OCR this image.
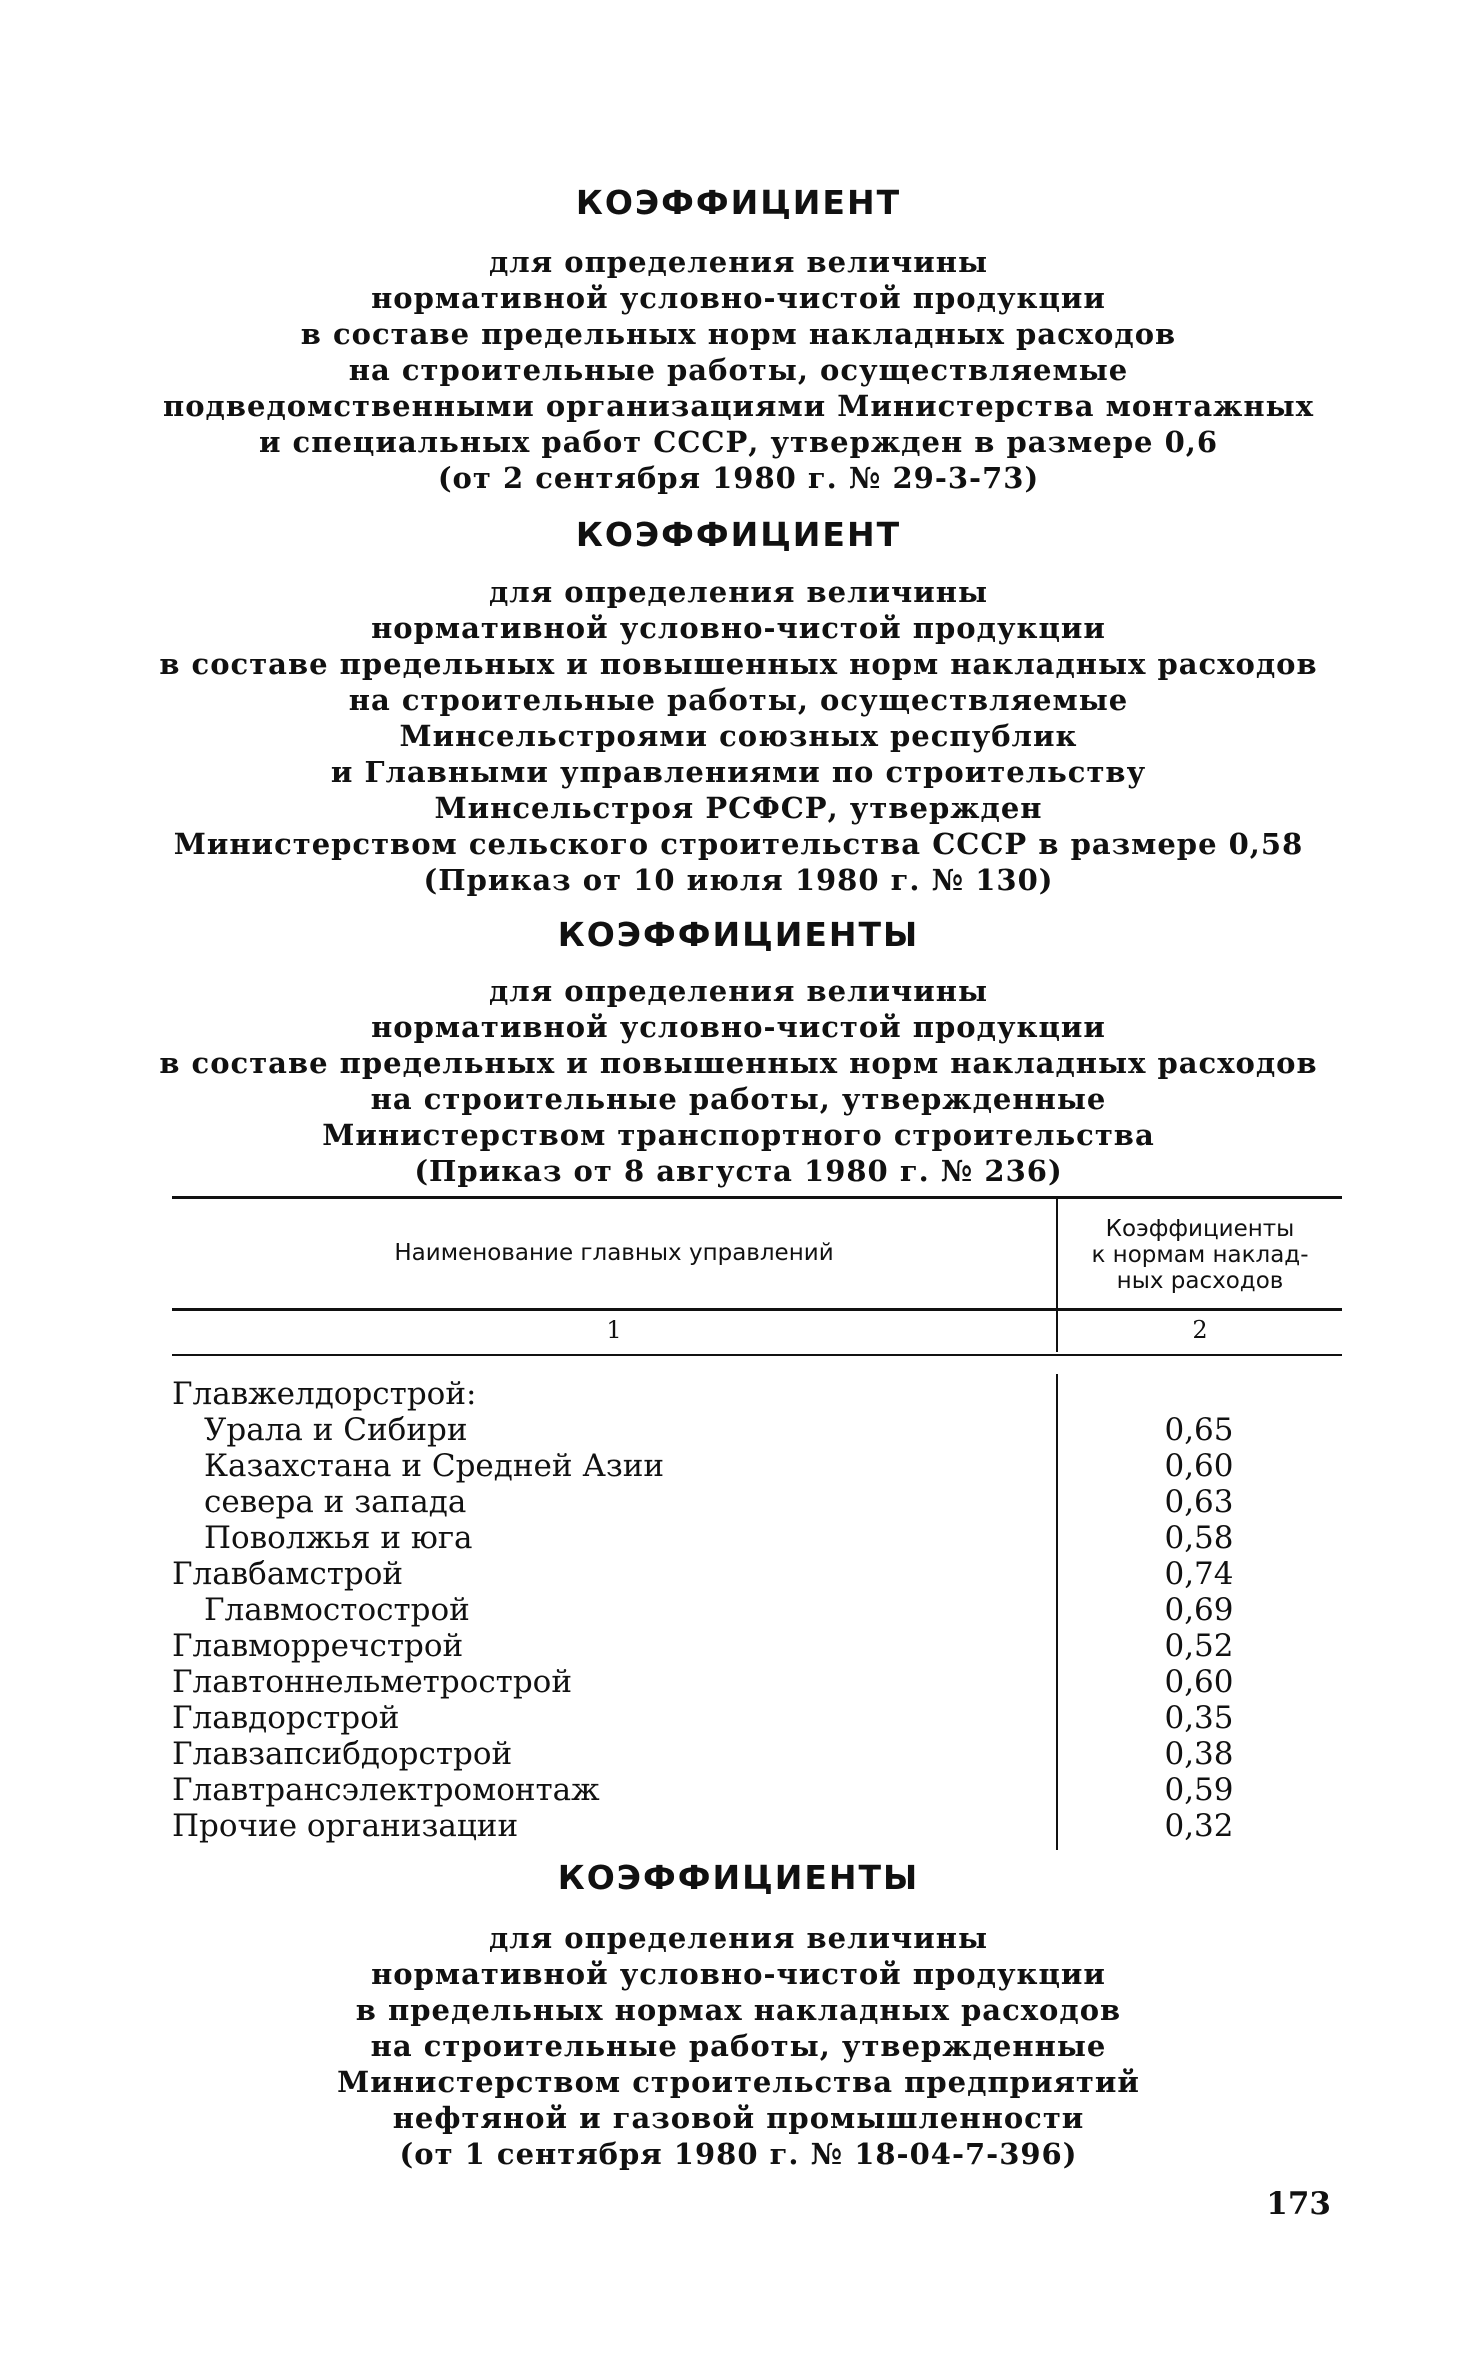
КОЭФФИЦИЕНТ
для определения величины
нормативной условно-чистой продукции
в составе предельных норм накладных расходов
на строительные работы, осуществляемые
подведомственными организациями Министерства монтажных
и специальных работ СССР, утвержден в размере 0,6
(от 2 сентября 1980 г. № 29-3-73)
КОЭФФИЦИЕНТ
для определения величины
нормативной условно-чистой продукции
в составе предельных и повышенных норм накладных расходов
на строительные работы, осуществляемые
Минсельстроями союзных республик
и Главными управлениями по строительству
Минсельстроя РСФСР, утвержден
Министерством сельского строительства СССР в размере 0,58
(Приказ от 10 июля 1980 г. № 130)
КОЭФФИЦИЕНТЫ
для определения величины
нормативной условно-чистой продукции
в составе предельных и повышенных норм накладных расходов
на строительные работы, утвержденные
Министерством транспортного строительства
(Приказ от 8 августа 1980 г. № 236)
Наименование главных управлений
Коэффициенты
к нормам наклад-
ных расходов
1	2
Главжелдорстрой:
Урала и Сибири	0,65
Казахстана и Средней Азии	0,60
севера и запада	0,63
Поволжья и юга	0,58
Главбамстрой	0,74
Главмостострой	0,69
Главморречстрой	0,52
Главтоннельметрострой	0,60
Главдорстрой	0,35
Главзапсибдорстрой	0,38
Главтрансэлектромонтаж	0,59
Прочие организации	0,32
КОЭФФИЦИЕНТЫ
для определения величины
нормативной условно-чистой продукции
в предельных нормах накладных расходов
на строительные работы, утвержденные
Министерством строительства предприятий
нефтяной и газовой промышленности
(от 1 сентября 1980 г. № 18-04-7-396)
173
